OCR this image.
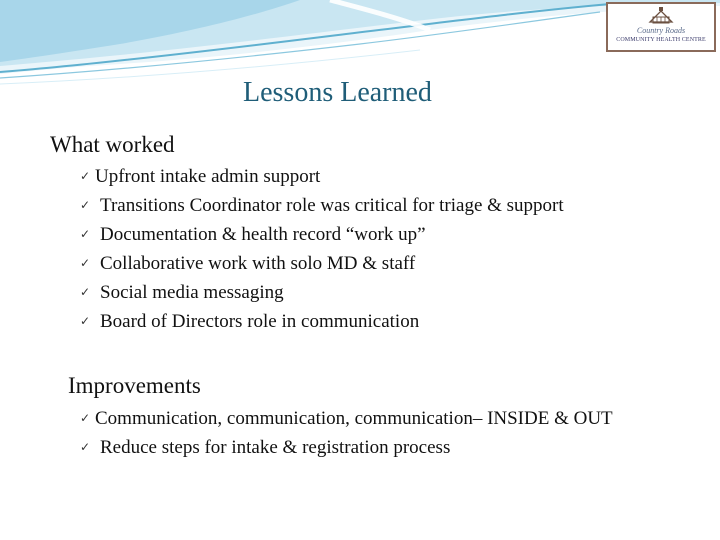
Country Roads
COMMUNITY HEALTH CENTRE
Lessons Learned
What worked
✓ Upfront intake admin support
✓ Transitions Coordinator role was critical for triage & support
✓ Documentation & health record “work up”
✓ Collaborative work with solo MD & staff
✓ Social media messaging
✓ Board of Directors role in communication
Improvements
✓ Communication, communication, communication– INSIDE & OUT
✓ Reduce steps for intake & registration process
